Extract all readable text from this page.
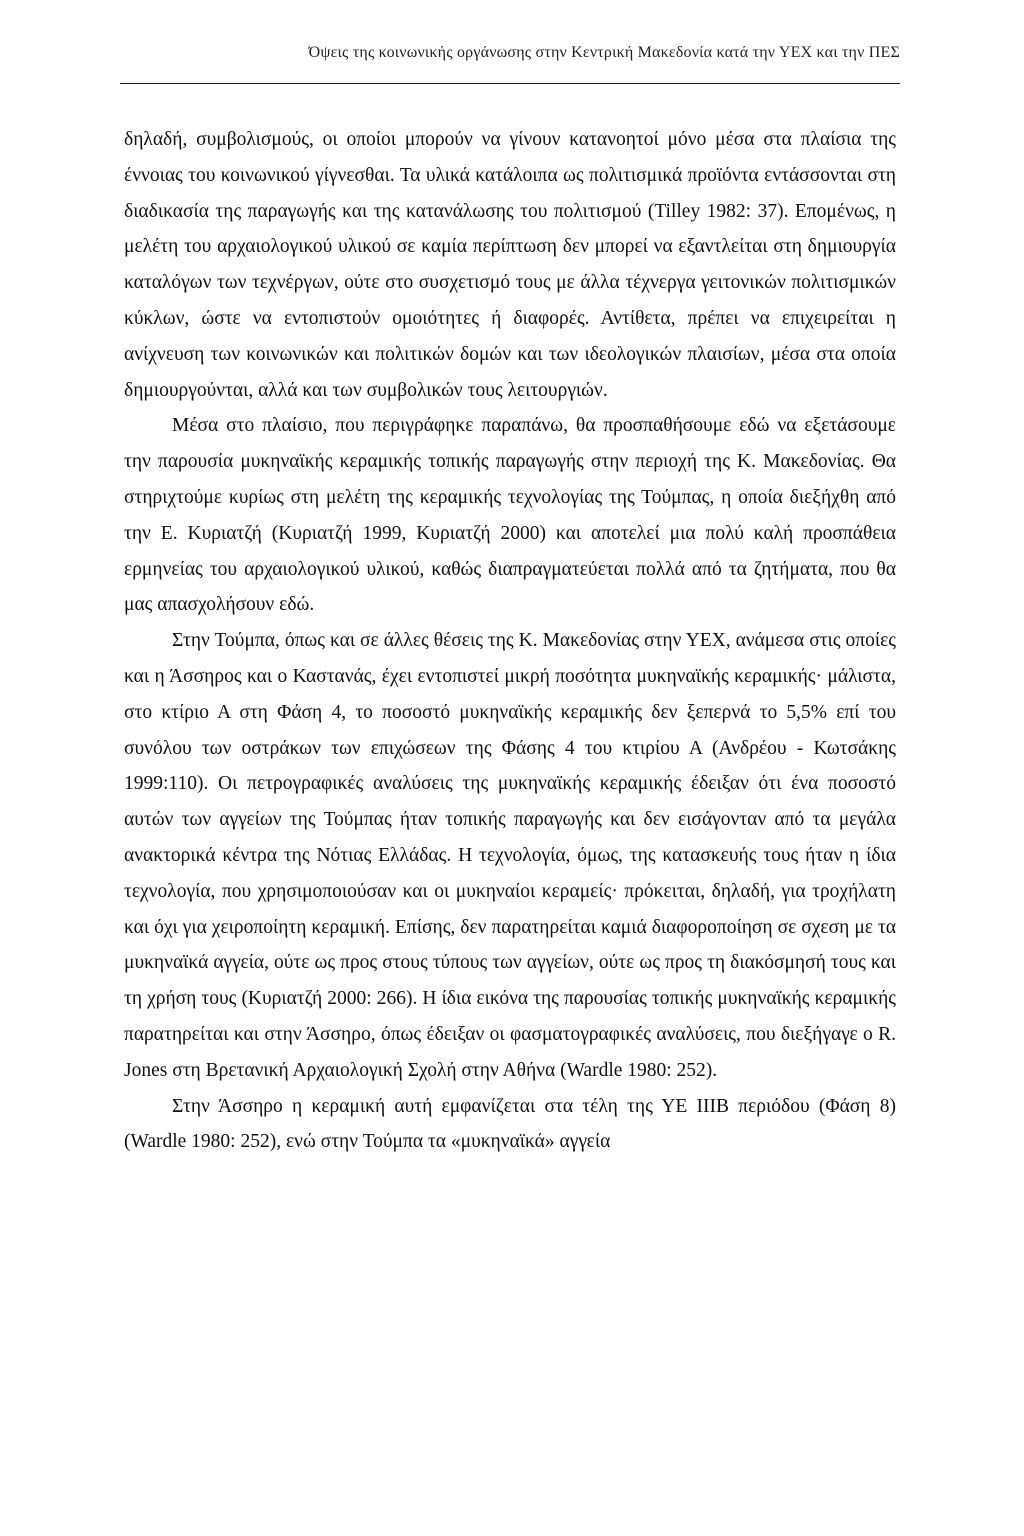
Όψεις της κοινωνικής οργάνωσης στην Κεντρική Μακεδονία κατά την ΥΕΧ και την ΠΕΣ

δηλαδή, συμβολισμούς, οι οποίοι μπορούν να γίνουν κατανοητοί μόνο μέσα στα πλαίσια της έννοιας του κοινωνικού γίγνεσθαι. Τα υλικά κατάλοιπα ως πολιτισμικά προϊόντα εντάσσονται στη διαδικασία της παραγωγής και της κατανάλωσης του πολιτισμού (Tilley 1982: 37). Επομένως, η μελέτη του αρχαιολογικού υλικού σε καμία περίπτωση δεν μπορεί να εξαντλείται στη δημιουργία καταλόγων των τεχνέργων, ούτε στο συσχετισμό τους με άλλα τέχνεργα γειτονικών πολιτισμικών κύκλων, ώστε να εντοπιστούν ομοιότητες ή διαφορές. Αντίθετα, πρέπει να επιχειρείται η ανίχνευση των κοινωνικών και πολιτικών δομών και των ιδεολογικών πλαισίων, μέσα στα οποία δημιουργούνται, αλλά και των συμβολικών τους λειτουργιών.

Μέσα στο πλαίσιο, που περιγράφηκε παραπάνω, θα προσπαθήσουμε εδώ να εξετάσουμε την παρουσία μυκηναϊκής κεραμικής τοπικής παραγωγής στην περιοχή της Κ. Μακεδονίας. Θα στηριχτούμε κυρίως στη μελέτη της κεραμικής τεχνολογίας της Τούμπας, η οποία διεξήχθη από την Ε. Κυριατζή (Κυριατζή 1999, Κυριατζή 2000) και αποτελεί μια πολύ καλή προσπάθεια ερμηνείας του αρχαιολογικού υλικού, καθώς διαπραγματεύεται πολλά από τα ζητήματα, που θα μας απασχολήσουν εδώ.

Στην Τούμπα, όπως και σε άλλες θέσεις της Κ. Μακεδονίας στην ΥΕΧ, ανάμεσα στις οποίες και η Άσσηρος και ο Καστανάς, έχει εντοπιστεί μικρή ποσότητα μυκηναϊκής κεραμικής· μάλιστα, στο κτίριο Α στη Φάση 4, το ποσοστό μυκηναϊκής κεραμικής δεν ξεπερνά το 5,5% επί του συνόλου των οστράκων των επιχώσεων της Φάσης 4 του κτιρίου Α (Ανδρέου - Κωτσάκης 1999:110). Οι πετρογραφικές αναλύσεις της μυκηναϊκής κεραμικής έδειξαν ότι ένα ποσοστό αυτών των αγγείων της Τούμπας ήταν τοπικής παραγωγής και δεν εισάγονταν από τα μεγάλα ανακτορικά κέντρα της Νότιας Ελλάδας. Η τεχνολογία, όμως, της κατασκευής τους ήταν η ίδια τεχνολογία, που χρησιμοποιούσαν και οι μυκηναίοι κεραμείς· πρόκειται, δηλαδή, για τροχήλατη και όχι για χειροποίητη κεραμική. Επίσης, δεν παρατηρείται καμιά διαφοροποίηση σε σχεση με τα μυκηναϊκά αγγεία, ούτε ως προς στους τύπους των αγγείων, ούτε ως προς τη διακόσμησή τους και τη χρήση τους (Κυριατζή 2000: 266). Η ίδια εικόνα της παρουσίας τοπικής μυκηναϊκής κεραμικής παρατηρείται και στην Άσσηρο, όπως έδειξαν οι φασματογραφικές αναλύσεις, που διεξήγαγε ο R. Jones στη Βρετανική Αρχαιολογική Σχολή στην Αθήνα (Wardle 1980: 252).

Στην Άσσηρο η κεραμική αυτή εμφανίζεται στα τέλη της ΥΕ ΙΙΙΒ περιόδου (Φάση 8) (Wardle 1980: 252), ενώ στην Τούμπα τα «μυκηναϊκά» αγγεία
